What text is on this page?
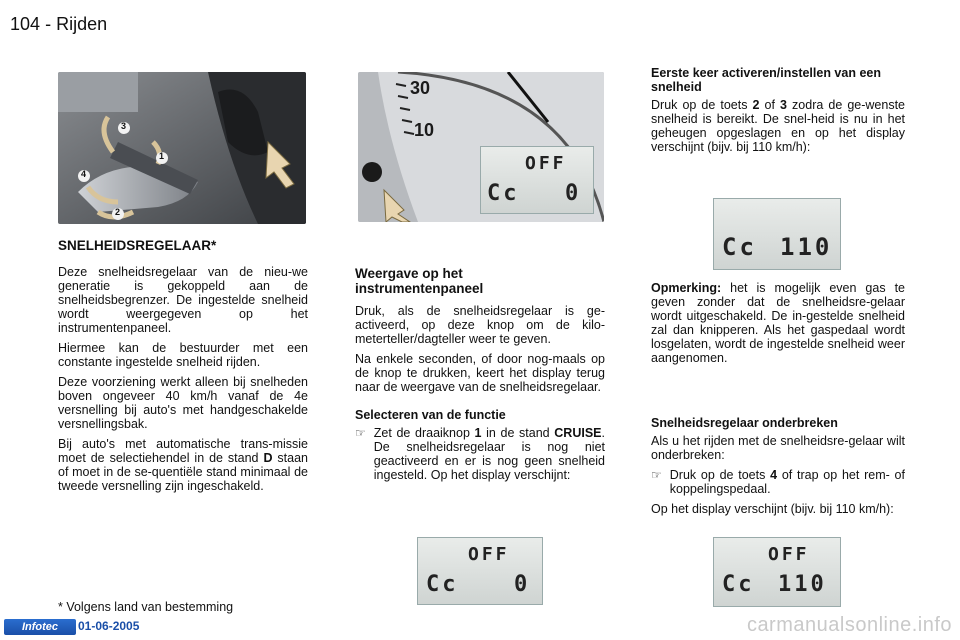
104 - Rijden
3
1
4
2
30
10
OFF
Cc 0
SNELHEIDSREGELAAR*

Deze snelheidsregelaar van de nieu-we generatie is gekoppeld aan de snelheidsbegrenzer. De ingestelde snelheid wordt weergegeven op het instrumentenpaneel.

Hiermee kan de bestuurder met een constante ingestelde snelheid rijden.

Deze voorziening werkt alleen bij snelheden boven ongeveer 40 km/h vanaf de 4e versnelling bij auto's met handgeschakelde versnellingsbak.

Bij auto's met automatische trans-missie moet de selectiehendel in de stand D staan of moet in de se-quentiële stand minimaal de tweede versnelling zijn ingeschakeld.

* Volgens land van bestemming
Weergave op het instrumentenpaneel

Druk, als de snelheidsregelaar is ge-activeerd, op deze knop om de kilo-meterteller/dagteller weer te geven.

Na enkele seconden, of door nog-maals op de knop te drukken, keert het display terug naar de weergave van de snelheidsregelaar.

Selecteren van de functie
☞ Zet de draaiknop 1 in de stand CRUISE. De snelheidsregelaar is nog niet geactiveerd en er is nog geen snelheid ingesteld. Op het display verschijnt:
OFF
Cc	0
Eerste keer activeren/instellen van een snelheid

Druk op de toets 2 of 3 zodra de ge-wenste snelheid is bereikt. De snel-heid is nu in het geheugen opgeslagen en op het display verschijnt (bijv. bij 110 km/h):

Cc 110

Opmerking: het is mogelijk even gas te geven zonder dat de snelheidsre-gelaar wordt uitgeschakeld. De in-gestelde snelheid zal dan knipperen. Als het gaspedaal wordt losgelaten, wordt de ingestelde snelheid weer aangenomen.

Snelheidsregelaar onderbreken

Als u het rijden met de snelheidsre-gelaar wilt onderbreken:

☞ Druk op de toets 4 of trap op het rem- of koppelingspedaal.

Op het display verschijnt (bijv. bij 110 km/h):

OFF
Cc 110
Infotec	01-06-2005	carmanualsonline.info
